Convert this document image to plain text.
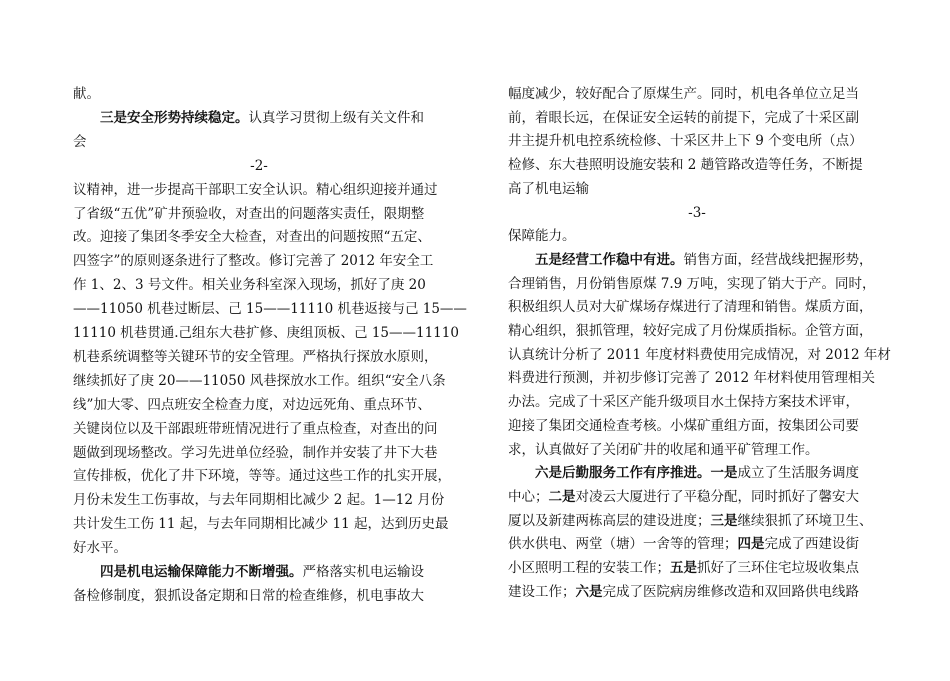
献。
三是安全形势持续稳定。认真学习贯彻上级有关文件和
会
-2-
议精神，进一步提高干部职工安全认识。精心组织迎接并通过
了省级“五优”矿井预验收，对查出的问题落实责任，限期整
改。迎接了集团冬季安全大检查，对查出的问题按照“五定、
四签字”的原则逐条进行了整改。修订完善了 2012 年安全工
作 1、2、3 号文件。相关业务科室深入现场，抓好了庚 20
——11050 机巷过断层、己 15——11110 机巷返接与己 15——
11110 机巷贯通.己组东大巷扩修、庚组顶板、己 15——11110
机巷系统调整等关键环节的安全管理。严格执行探放水原则，
继续抓好了庚 20——11050 风巷探放水工作。组织“安全八条
线”加大零、四点班安全检查力度，对边远死角、重点环节、
关键岗位以及干部跟班带班情况进行了重点检查，对查出的问
题做到现场整改。学习先进单位经验，制作并安装了井下大巷
宣传排板，优化了井下环境，等等。通过这些工作的扎实开展，
月份未发生工伤事故，与去年同期相比减少 2 起。1—12 月份
共计发生工伤 11 起，与去年同期相比减少 11 起，达到历史最
好水平。
四是机电运输保障能力不断增强。严格落实机电运输设
备检修制度，狠抓设备定期和日常的检查维修，机电事故大
幅度减少，较好配合了原煤生产。同时，机电各单位立足当
前，着眼长远，在保证安全运转的前提下，完成了十采区副
井主提升机电控系统检修、十采区井上下 9 个变电所（点）
检修、东大巷照明设施安装和 2 趟管路改造等任务，不断提
高了机电运输
-3-
保障能力。
五是经营工作稳中有进。销售方面，经营战线把握形势，
合理销售，月份销售原煤 7.9 万吨，实现了销大于产。同时，
积极组织人员对大矿煤场存煤进行了清理和销售。煤质方面，
精心组织，狠抓管理，较好完成了月份煤质指标。企管方面，
认真统计分析了 2011 年度材料费使用完成情况，对 2012 年材
料费进行预测，并初步修订完善了 2012 年材料使用管理相关
办法。完成了十采区产能升级项目水土保持方案技术评审，
迎接了集团交通检查考核。小煤矿重组方面，按集团公司要
求，认真做好了关闭矿井的收尾和通平矿管理工作。
六是后勤服务工作有序推进。一是成立了生活服务调度
中心；二是对凌云大厦进行了平稳分配，同时抓好了馨安大
厦以及新建两栋高层的建设进度；三是继续狠抓了环境卫生、
供水供电、两堂（塘）一舍等的管理；四是完成了西建设街
小区照明工程的安装工作；五是抓好了三环住宅垃圾收集点
建设工作；六是完成了医院病房维修改造和双回路供电线路
